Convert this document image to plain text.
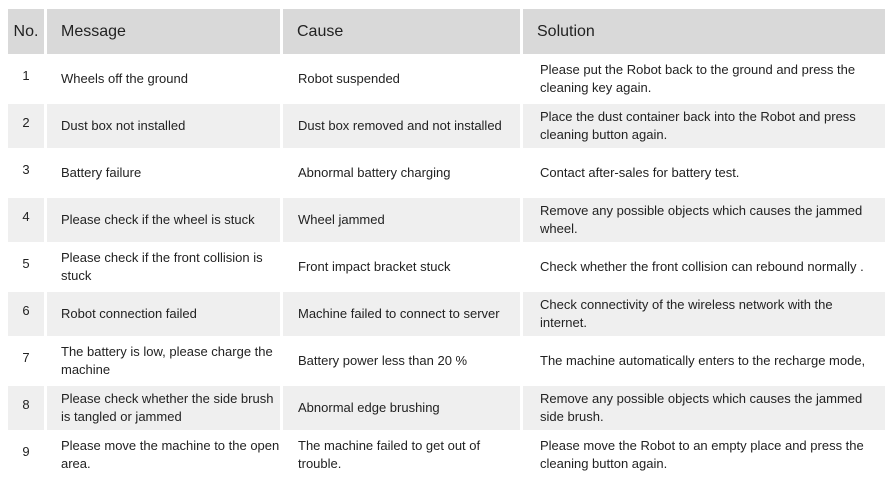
No.	Message	Cause	Solution
1	Wheels off the ground	Robot suspended	Please put the Robot back to the ground and press the cleaning key again.
2	Dust box not installed	Dust box removed and not installed	Place the dust container back into the Robot and press cleaning button again.
3	Battery failure	Abnormal battery charging	Contact after-sales for battery test.
4	Please check if the wheel is stuck	Wheel jammed	Remove any possible objects which causes the jammed wheel.
5	Please check if the front collision is stuck	Front impact bracket stuck	Check whether the front collision can rebound normally .
6	Robot connection failed	Machine failed to connect to server	Check connectivity of the wireless network with the internet.
7	The battery is low, please charge the machine	Battery power less than 20 %	The machine automatically enters to the recharge mode,
8	Please check whether the side brush is tangled or jammed	Abnormal edge brushing	Remove any possible objects which causes the jammed side brush.
9	Please move the machine to the open area.	The machine failed to get out of trouble.	Please move the Robot to an empty place and press the cleaning button again.
